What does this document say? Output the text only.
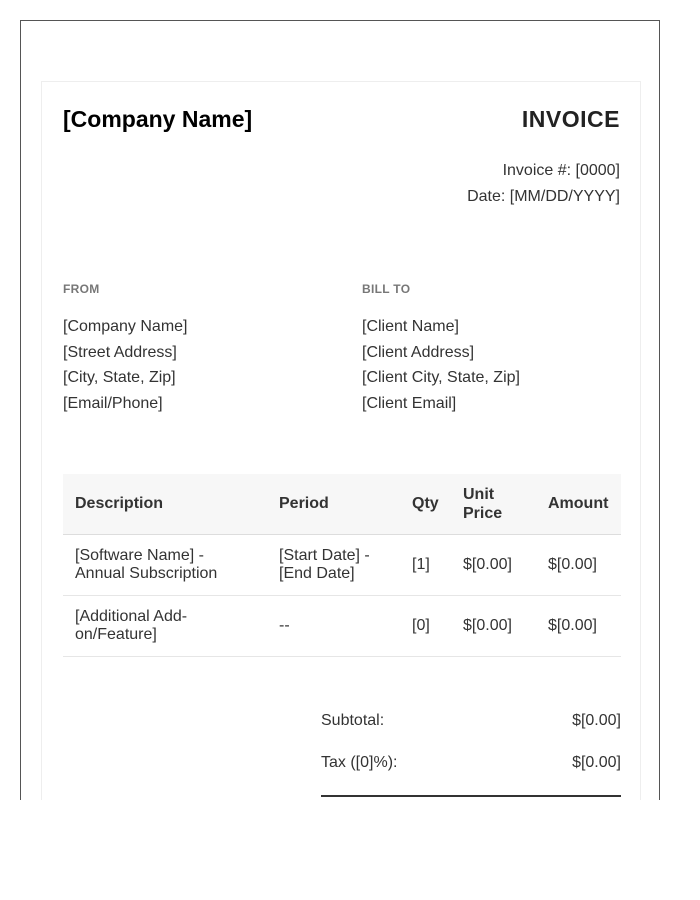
[Company Name]	INVOICE
Invoice #: [0000]
Date: [MM/DD/YYYY]
FROM
[Company Name]
[Street Address]
[City, State, Zip]
[Email/Phone]
BILL TO
[Client Name]
[Client Address]
[Client City, State, Zip]
[Client Email]
Description	Period	Qty	Unit Price	Amount
[Software Name] - Annual Subscription	[Start Date] - [End Date]	[1]	$[0.00]	$[0.00]
[Additional Add-on/Feature]	--	[0]	$[0.00]	$[0.00]
Subtotal:	$[0.00]
Tax ([0]%):	$[0.00]
